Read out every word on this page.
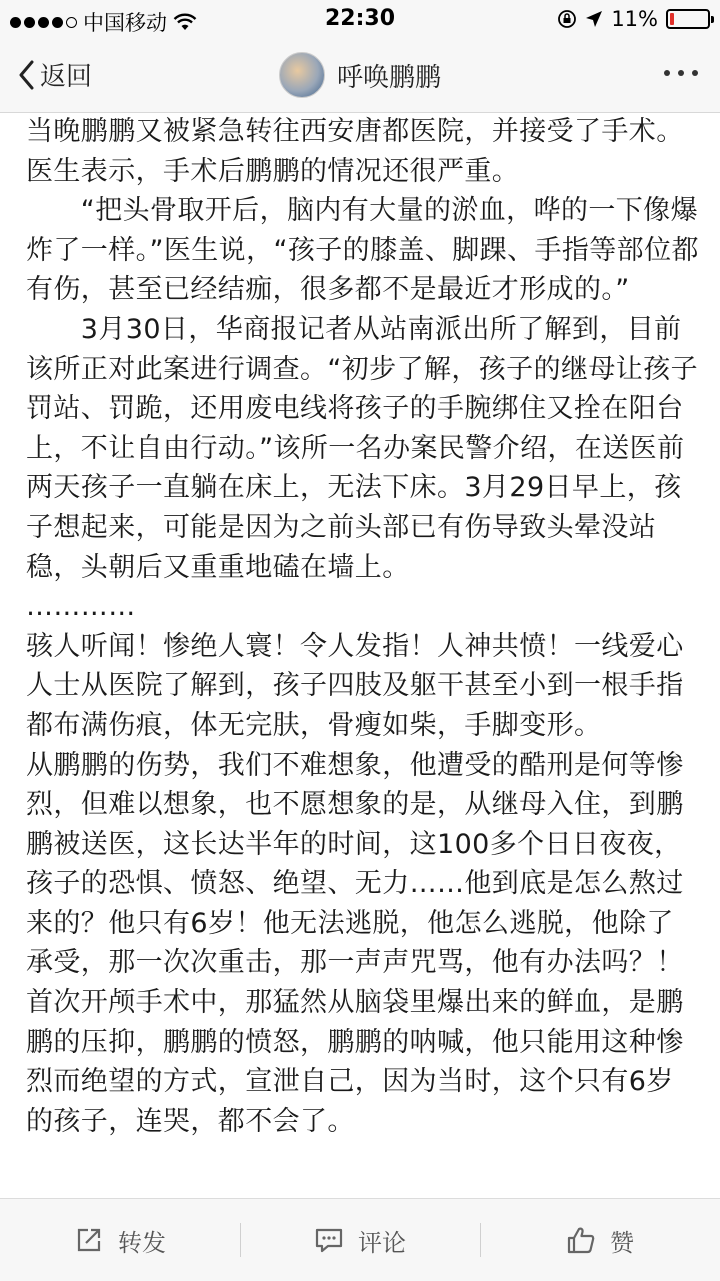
中国移动	22:30	11%
返回	呼唤鹏鹏

当晚鹏鹏又被紧急转往西安唐都医院，并接受了手术。医生表示，手术后鹏鹏的情况还很严重。

　　“把头骨取开后，脑内有大量的淤血，哗的一下像爆炸了一样。”医生说，“孩子的膝盖、脚踝、手指等部位都有伤，甚至已经结痂，很多都不是最近才形成的。”

　　3月30日，华商报记者从站南派出所了解到，目前该所正对此案进行调查。“初步了解，孩子的继母让孩子罚站、罚跪，还用废电线将孩子的手腕绑住又拴在阳台上，不让自由行动。”该所一名办案民警介绍，在送医前两天孩子一直躺在床上，无法下床。3月29日早上，孩子想起来，可能是因为之前头部已有伤导致头晕没站稳，头朝后又重重地磕在墙上。

…………

骇人听闻！惨绝人寰！令人发指！人神共愤！一线爱心人士从医院了解到，孩子四肢及躯干甚至小到一根手指都布满伤痕，体无完肤，骨瘦如柴，手脚变形。

从鹏鹏的伤势，我们不难想象，他遭受的酷刑是何等惨烈，但难以想象，也不愿想象的是，从继母入住，到鹏鹏被送医，这长达半年的时间，这100多个日日夜夜，孩子的恐惧、愤怒、绝望、无力……他到底是怎么熬过来的？他只有6岁！他无法逃脱，他怎么逃脱，他除了承受，那一次次重击，那一声声咒骂，他有办法吗？！首次开颅手术中，那猛然从脑袋里爆出来的鲜血，是鹏鹏的压抑，鹏鹏的愤怒，鹏鹏的呐喊，他只能用这种惨烈而绝望的方式，宣泄自己，因为当时，这个只有6岁的孩子，连哭，都不会了。

转发	评论	赞
